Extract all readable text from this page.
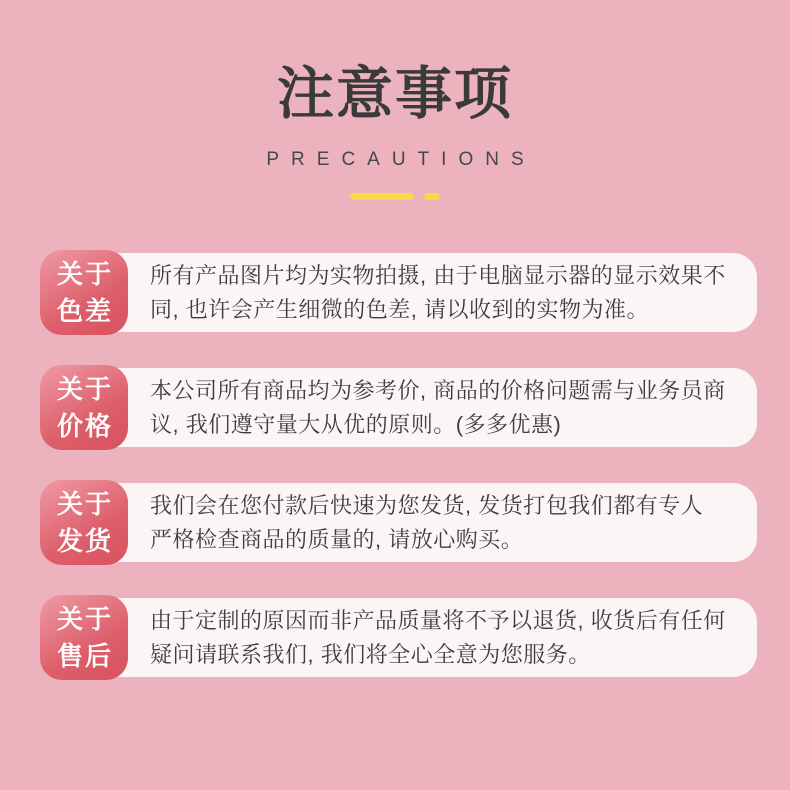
注意事项
PRECAUTIONS
所有产品图片均为实物拍摄, 由于电脑显示器的显示效果不
同, 也许会产生细微的色差, 请以收到的实物为准。
关于
色差
本公司所有商品均为参考价, 商品的价格问题需与业务员商
议, 我们遵守量大从优的原则。(多多优惠)
关于
价格
我们会在您付款后快速为您发货, 发货打包我们都有专人
严格检查商品的质量的, 请放心购买。
关于
发货
由于定制的原因而非产品质量将不予以退货, 收货后有任何
疑问请联系我们, 我们将全心全意为您服务。
关于
售后
